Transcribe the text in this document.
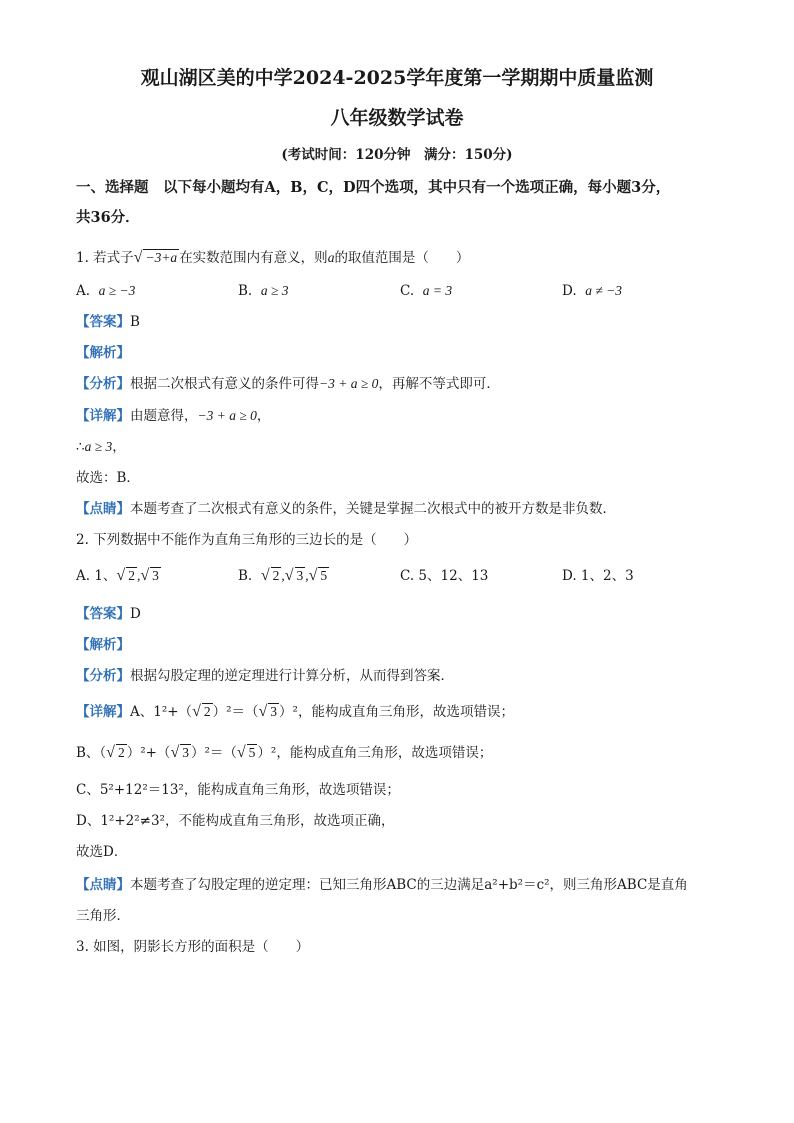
观山湖区美的中学2024-2025学年度第一学期期中质量监测
八年级数学试卷
(考试时间：120分钟　满分：150分)
一、选择题　以下每小题均有A，B，C，D四个选项，其中只有一个选项正确，每小题3分，
共36分．
1. 若式子√ −3+a 在实数范围内有意义，则a的取值范围是（　　）
A. a ≥ −3	B. a ≥ 3	C. a = 3	D. a ≠ −3
【答案】B
【解析】
【分析】根据二次根式有意义的条件可得−3 + a ≥ 0，再解不等式即可．
【详解】由题意得，−3 + a ≥ 0，
∴a ≥ 3，
故选：B．
【点睛】本题考查了二次根式有意义的条件，关键是掌握二次根式中的被开方数是非负数．
2. 下列数据中不能作为直角三角形的三边长的是（　　）
A. 1、√ 2 ,√ 3	B. √ 2 ,√ 3 ,√ 5	C. 5、12、13	D. 1、2、3
【答案】D
【解析】
【分析】根据勾股定理的逆定理进行计算分析，从而得到答案．
【详解】A、1²+（√ 2 ）²＝（√ 3 ）²，能构成直角三角形，故选项错误；
B、（√ 2 ）²+（√ 3 ）²＝（√ 5 ）²，能构成直角三角形，故选项错误；
C、5²+12²＝13²，能构成直角三角形，故选项错误；
D、1²+2²≠3²，不能构成直角三角形，故选项正确，
故选D．
【点睛】本题考查了勾股定理的逆定理：已知三角形ABC的三边满足a²+b²＝c²，则三角形ABC是直角
三角形．
3. 如图，阴影长方形的面积是（　　）
